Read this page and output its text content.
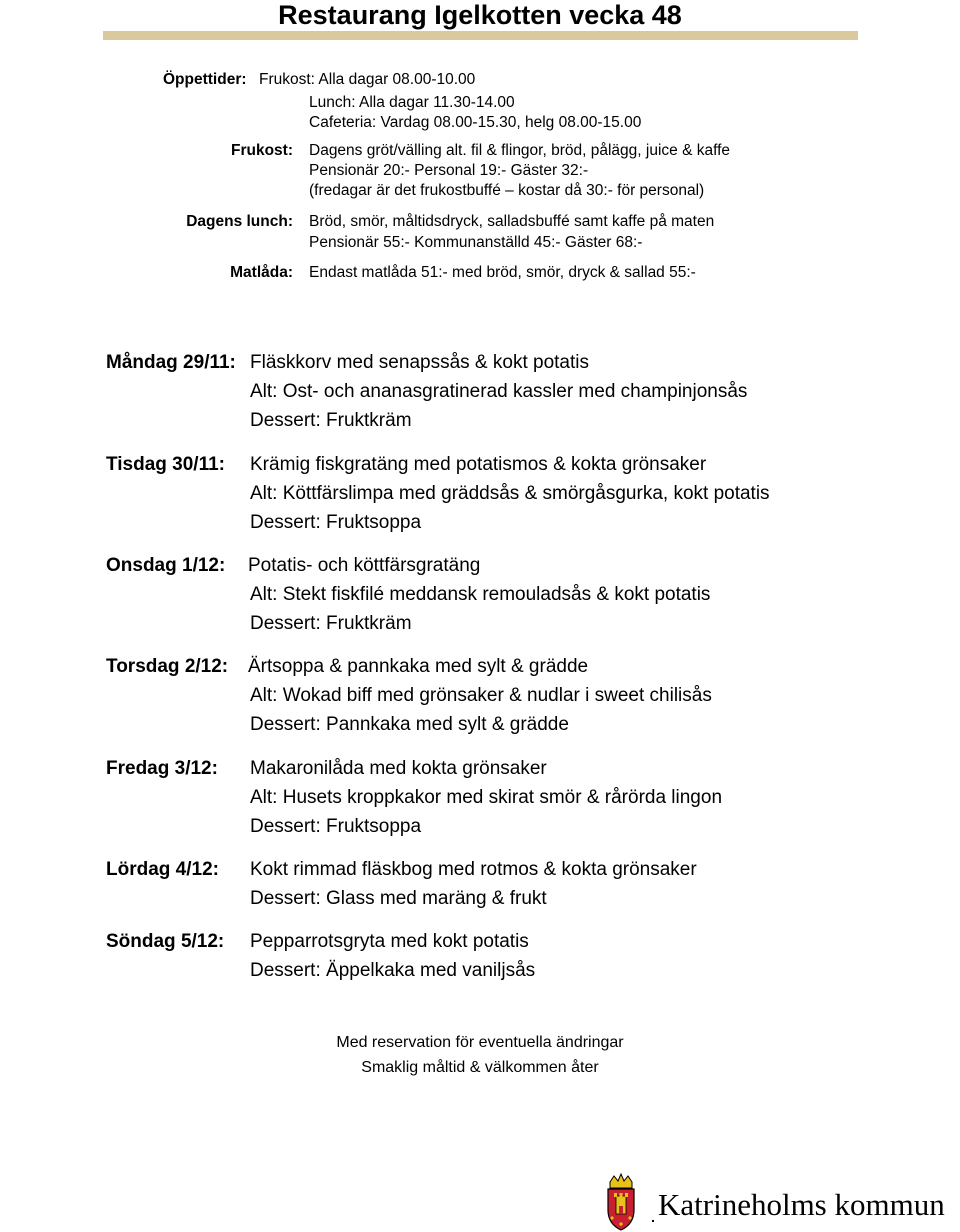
Restaurang Igelkotten vecka 48
Öppettider: Frukost: Alla dagar 08.00-10.00
Lunch: Alla dagar 11.30-14.00
Cafeteria: Vardag 08.00-15.30, helg 08.00-15.00
Frukost: Dagens gröt/välling alt. fil & flingor, bröd, pålägg, juice & kaffe
Pensionär 20:- Personal 19:- Gäster 32:-
(fredagar är det frukostbuffé – kostar då 30:- för personal)
Dagens lunch: Bröd, smör, måltidsdryck, salladsbuffé samt kaffe på maten
Pensionär 55:- Kommunanställd 45:- Gäster 68:-
Matlåda: Endast matlåda 51:- med bröd, smör, dryck & sallad 55:-
Måndag 29/11: Fläskkorv med senapssås & kokt potatis
Alt: Ost- och ananasgratinerad kassler med champinjonsås
Dessert: Fruktkräm
Tisdag 30/11: Krämig fiskgratäng med potatismos & kokta grönsaker
Alt: Köttfärslimpa med gräddsås & smörgåsgurka, kokt potatis
Dessert: Fruktsoppa
Onsdag 1/12: Potatis- och köttfärsgratäng
Alt: Stekt fiskfilé meddansk remouladsås & kokt potatis
Dessert: Fruktkräm
Torsdag 2/12: Ärtsoppa & pannkaka med sylt & grädde
Alt: Wokad biff med grönsaker & nudlar i sweet chilisås
Dessert: Pannkaka med sylt & grädde
Fredag 3/12: Makaronilåda med kokta grönsaker
Alt: Husets kroppkakor med skirat smör & rårörda lingon
Dessert: Fruktsoppa
Lördag 4/12: Kokt rimmad fläskbog med rotmos & kokta grönsaker
Dessert: Glass med maräng & frukt
Söndag 5/12: Pepparrotsgryta med kokt potatis
Dessert: Äppelkaka med vaniljsås
Med reservation för eventuella ändringar
Smaklig måltid & välkommen åter
Katrineholms kommun
